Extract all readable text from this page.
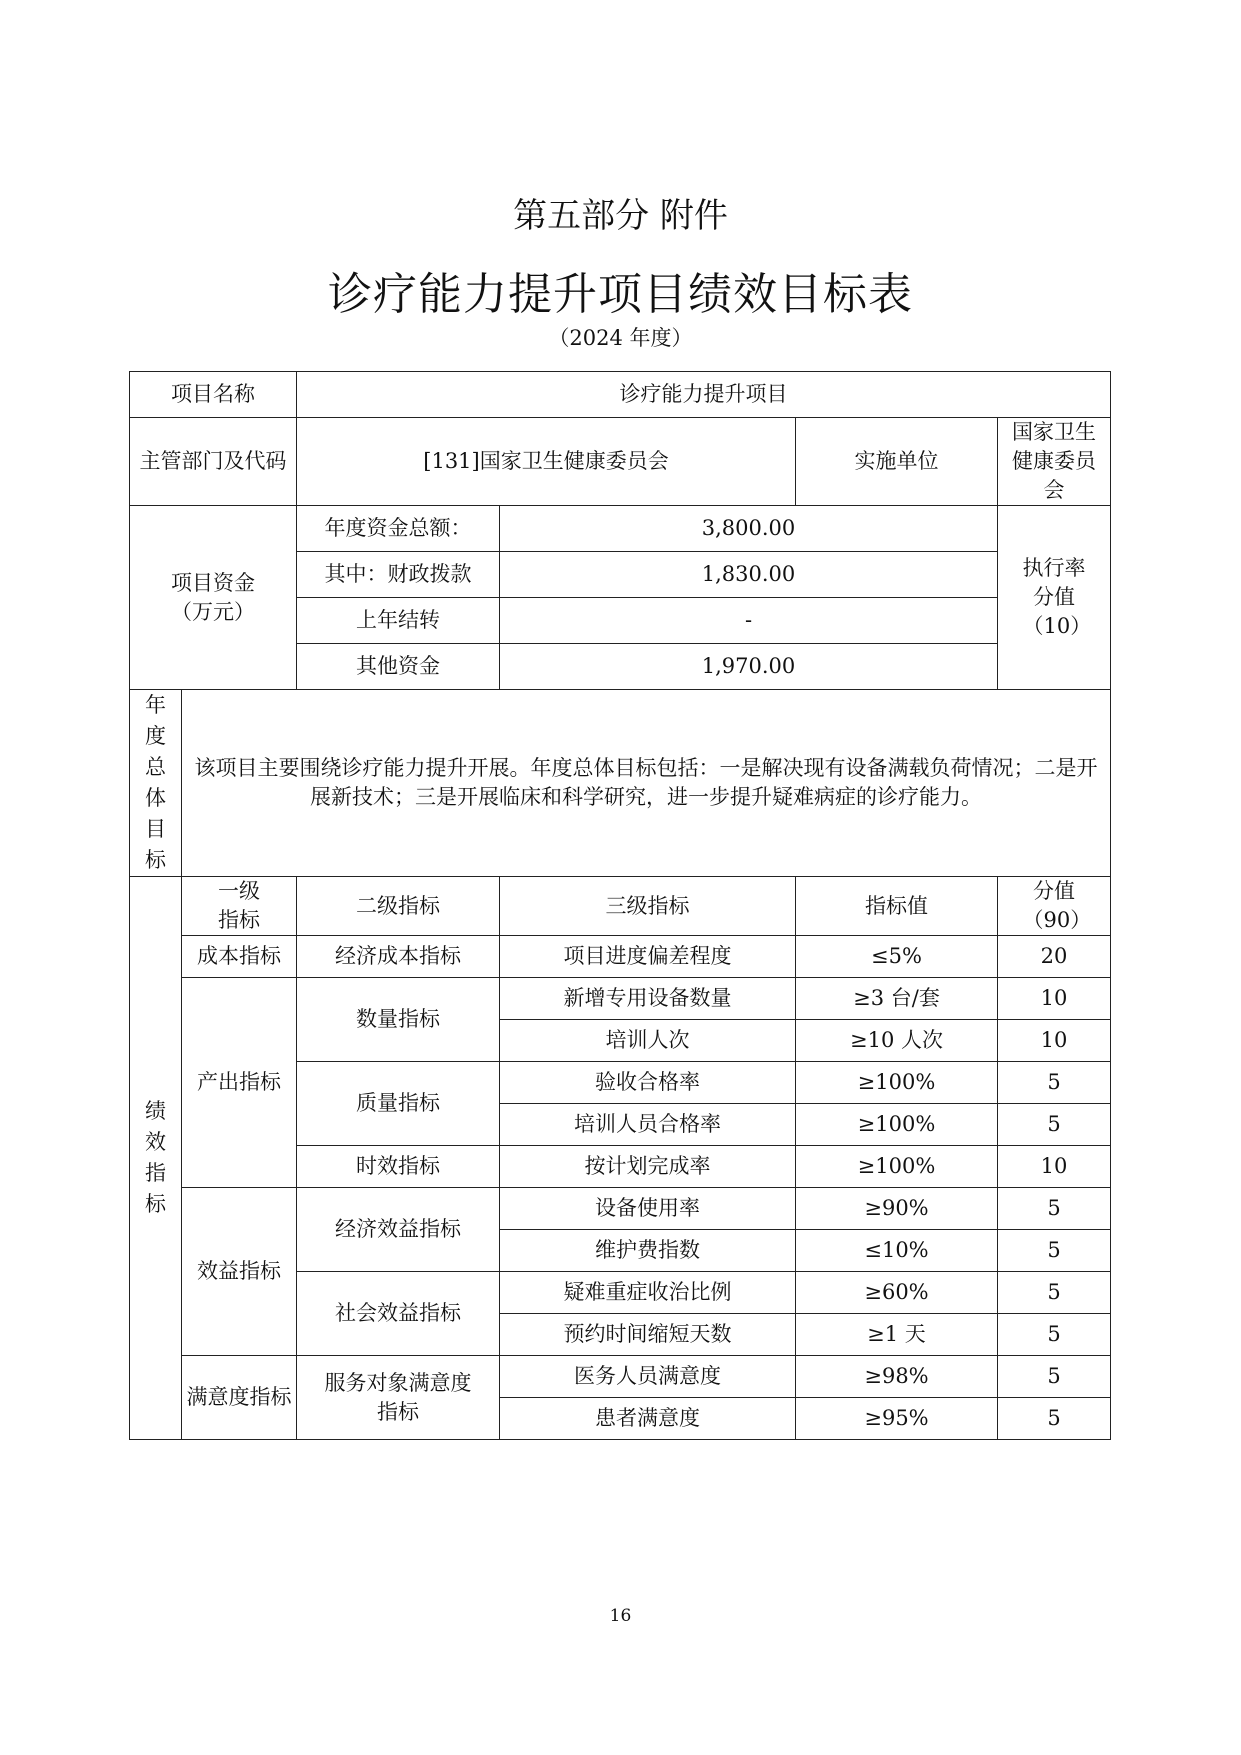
第五部分 附件
诊疗能力提升项目绩效目标表
（2024 年度）
项目名称		诊疗能力提升项目			
主管部门及代码		[131]国家卫生健康委员会		实施单位	国家卫生健康委员会
项目资金（万元）		年度资金总额：	3,800.00		执行率分值（10）
		其中：财政拨款	1,830.00		
		上年结转	-		
		其他资金	1,970.00		
年度总体目标	该项目主要围绕诊疗能力提升开展。年度总体目标包括：一是解决现有设备满载负荷情况；二是开展新技术；三是开展临床和科学研究，进一步提升疑难病症的诊疗能力。				
绩效指标	一级指标	二级指标	三级指标	指标值	分值（90）
	成本指标	经济成本指标	项目进度偏差程度	≤5%	20
	产出指标	数量指标	新增专用设备数量	≥3 台/套	10
			培训人次	≥10 人次	10
		质量指标	验收合格率	≥100%	5
			培训人员合格率	≥100%	5
		时效指标	按计划完成率	≥100%	10
	效益指标	经济效益指标	设备使用率	≥90%	5
			维护费指数	≤10%	5
		社会效益指标	疑难重症收治比例	≥60%	5
			预约时间缩短天数	≥1 天	5
	满意度指标	服务对象满意度指标	医务人员满意度	≥98%	5
			患者满意度	≥95%	5
16
